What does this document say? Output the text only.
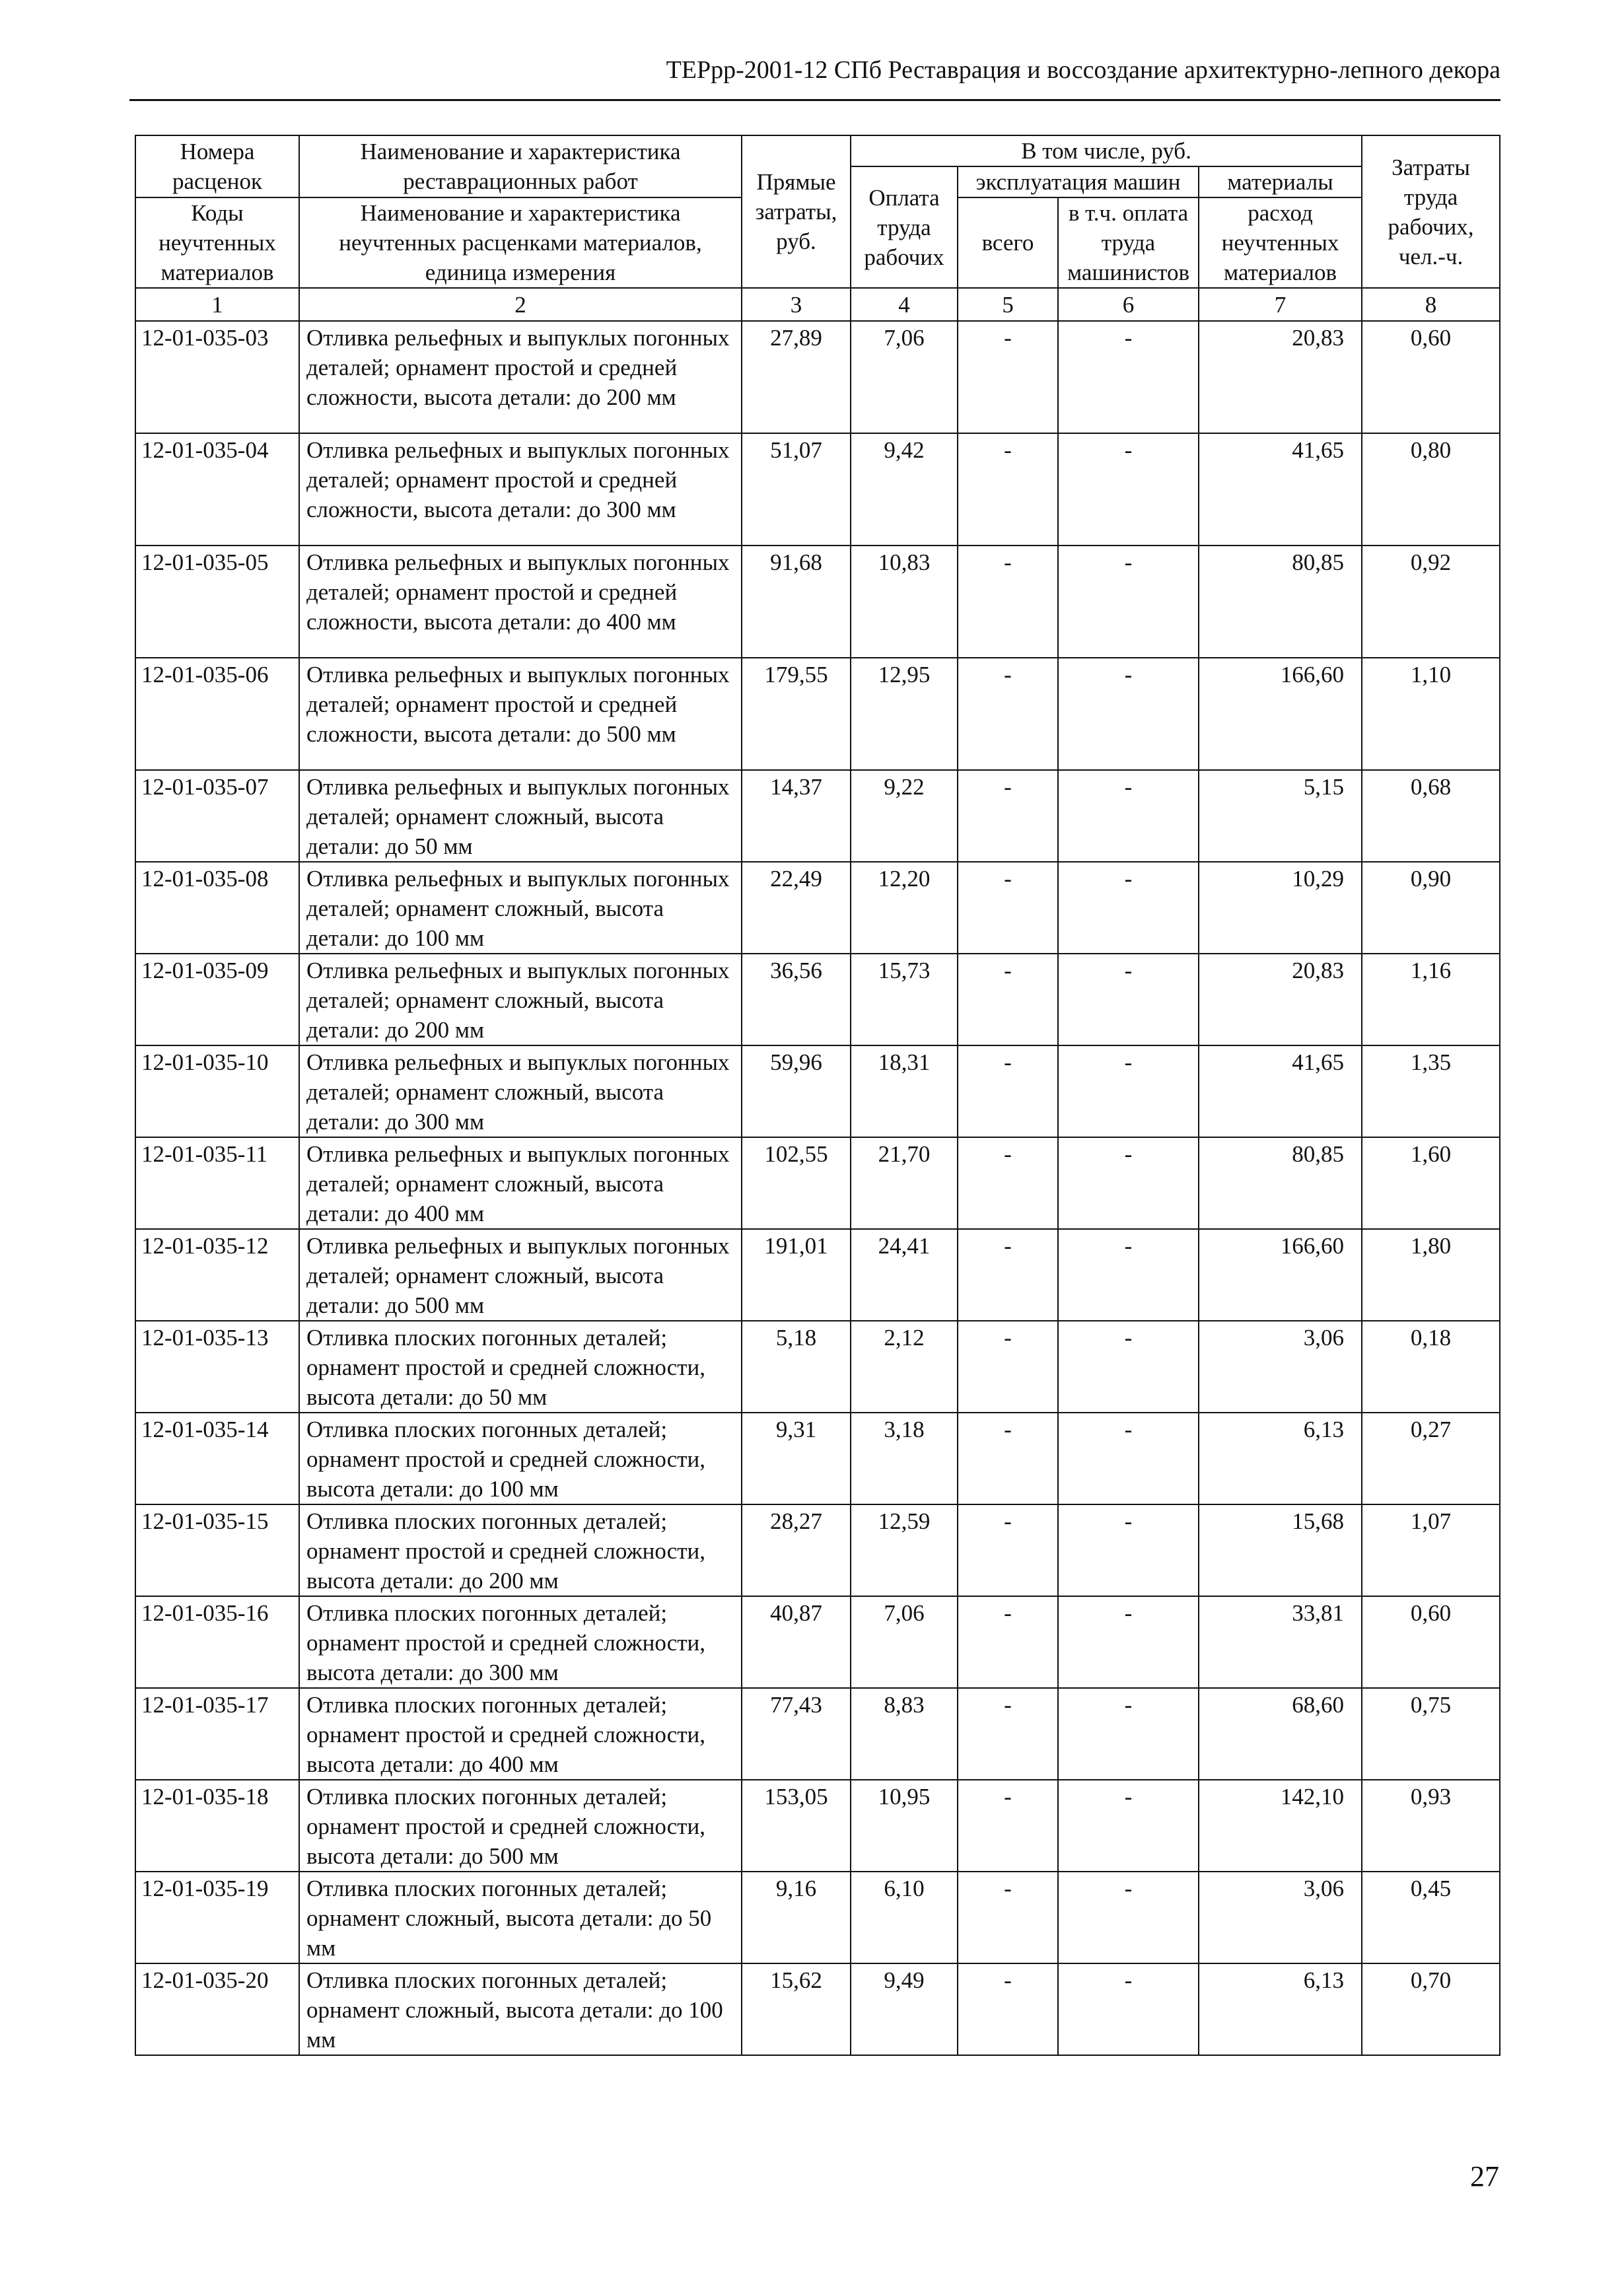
ТЕРрр-2001-12 СПб Реставрация и воссоздание архитектурно-лепного декора
Номера расценок	Наименование и характеристика реставрационных работ	Прямые затраты, руб.	В том числе, руб.				Затраты труда рабочих, чел.-ч.
			Оплата труда рабочих	эксплуатация машин		материалы	
Коды неучтенных материалов	Наименование и характеристика неучтенных расценками материалов, единица измерения			всего	в т.ч. оплата труда машинистов	расход неучтенных материалов	
1	2	3	4	5	6	7	8
12-01-035-03	Отливка рельефных и выпуклых погонных деталей; орнамент простой и средней сложности, высота детали: до 200 мм	27,89	7,06	-	-	20,83	0,60
12-01-035-04	Отливка рельефных и выпуклых погонных деталей; орнамент простой и средней сложности, высота детали: до 300 мм	51,07	9,42	-	-	41,65	0,80
12-01-035-05	Отливка рельефных и выпуклых погонных деталей; орнамент простой и средней сложности, высота детали: до 400 мм	91,68	10,83	-	-	80,85	0,92
12-01-035-06	Отливка рельефных и выпуклых погонных деталей; орнамент простой и средней сложности, высота детали: до 500 мм	179,55	12,95	-	-	166,60	1,10
12-01-035-07	Отливка рельефных и выпуклых погонных деталей; орнамент сложный, высота детали: до 50 мм	14,37	9,22	-	-	5,15	0,68
12-01-035-08	Отливка рельефных и выпуклых погонных деталей; орнамент сложный, высота детали: до 100 мм	22,49	12,20	-	-	10,29	0,90
12-01-035-09	Отливка рельефных и выпуклых погонных деталей; орнамент сложный, высота детали: до 200 мм	36,56	15,73	-	-	20,83	1,16
12-01-035-10	Отливка рельефных и выпуклых погонных деталей; орнамент сложный, высота детали: до 300 мм	59,96	18,31	-	-	41,65	1,35
12-01-035-11	Отливка рельефных и выпуклых погонных деталей; орнамент сложный, высота детали: до 400 мм	102,55	21,70	-	-	80,85	1,60
12-01-035-12	Отливка рельефных и выпуклых погонных деталей; орнамент сложный, высота детали: до 500 мм	191,01	24,41	-	-	166,60	1,80
12-01-035-13	Отливка плоских погонных деталей; орнамент простой и средней сложности, высота детали: до 50 мм	5,18	2,12	-	-	3,06	0,18
12-01-035-14	Отливка плоских погонных деталей; орнамент простой и средней сложности, высота детали: до 100 мм	9,31	3,18	-	-	6,13	0,27
12-01-035-15	Отливка плоских погонных деталей; орнамент простой и средней сложности, высота детали: до 200 мм	28,27	12,59	-	-	15,68	1,07
12-01-035-16	Отливка плоских погонных деталей; орнамент простой и средней сложности, высота детали: до 300 мм	40,87	7,06	-	-	33,81	0,60
12-01-035-17	Отливка плоских погонных деталей; орнамент простой и средней сложности, высота детали: до 400 мм	77,43	8,83	-	-	68,60	0,75
12-01-035-18	Отливка плоских погонных деталей; орнамент простой и средней сложности, высота детали: до 500 мм	153,05	10,95	-	-	142,10	0,93
12-01-035-19	Отливка плоских погонных деталей; орнамент сложный, высота детали: до 50 мм	9,16	6,10	-	-	3,06	0,45
12-01-035-20	Отливка плоских погонных деталей; орнамент сложный, высота детали: до 100 мм	15,62	9,49	-	-	6,13	0,70
27
